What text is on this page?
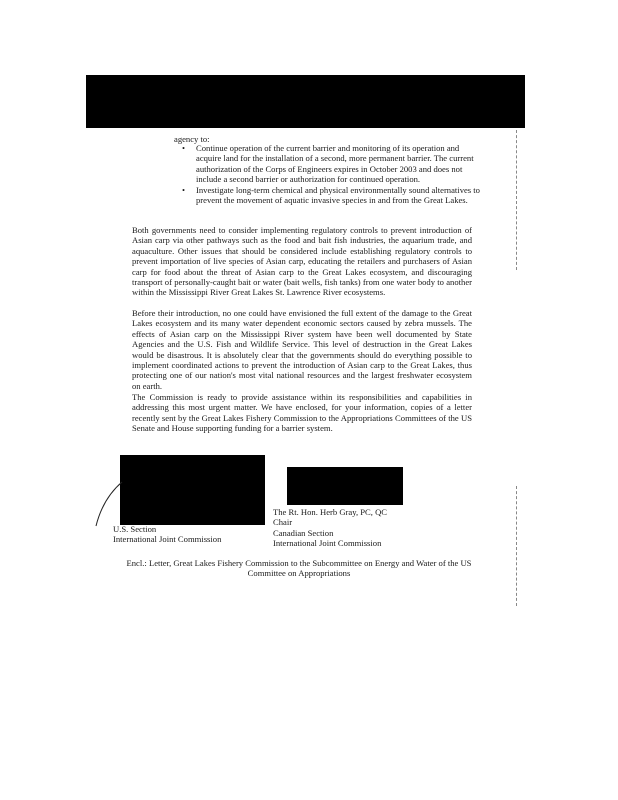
agency to:
• Continue operation of the current barrier and monitoring of its operation and acquire land for the installation of a second, more permanent barrier. The current authorization of the Corps of Engineers expires in October 2003 and does not include a second barrier or authorization for continued operation.
• Investigate long-term chemical and physical environmentally sound alternatives to prevent the movement of aquatic invasive species in and from the Great Lakes.
Both governments need to consider implementing regulatory controls to prevent introduction of Asian carp via other pathways such as the food and bait fish industries, the aquarium trade, and aquaculture. Other issues that should be considered include establishing regulatory controls to prevent importation of live species of Asian carp, educating the retailers and purchasers of Asian carp for food about the threat of Asian carp to the Great Lakes ecosystem, and discouraging transport of personally-caught bait or water (bait wells, fish tanks) from one water body to another within the Mississippi River Great Lakes St. Lawrence River ecosystems.
Before their introduction, no one could have envisioned the full extent of the damage to the Great Lakes ecosystem and its many water dependent economic sectors caused by zebra mussels. The effects of Asian carp on the Mississippi River system have been well documented by State Agencies and the U.S. Fish and Wildlife Service. This level of destruction in the Great Lakes would be disastrous. It is absolutely clear that the governments should do everything possible to implement coordinated actions to prevent the introduction of Asian carp to the Great Lakes, thus protecting one of our nation's most vital national resources and the largest freshwater ecosystem on earth.
The Commission is ready to provide assistance within its responsibilities and capabilities in addressing this most urgent matter. We have enclosed, for your information, copies of a letter recently sent by the Great Lakes Fishery Commission to the Appropriations Committees of the US Senate and House supporting funding for a barrier system.
U.S. Section
International Joint Commission
The Rt. Hon. Herb Gray, PC, QC
Chair
Canadian Section
International Joint Commission
Encl.: Letter, Great Lakes Fishery Commission to the Subcommittee on Energy and Water of the US Committee on Appropriations
